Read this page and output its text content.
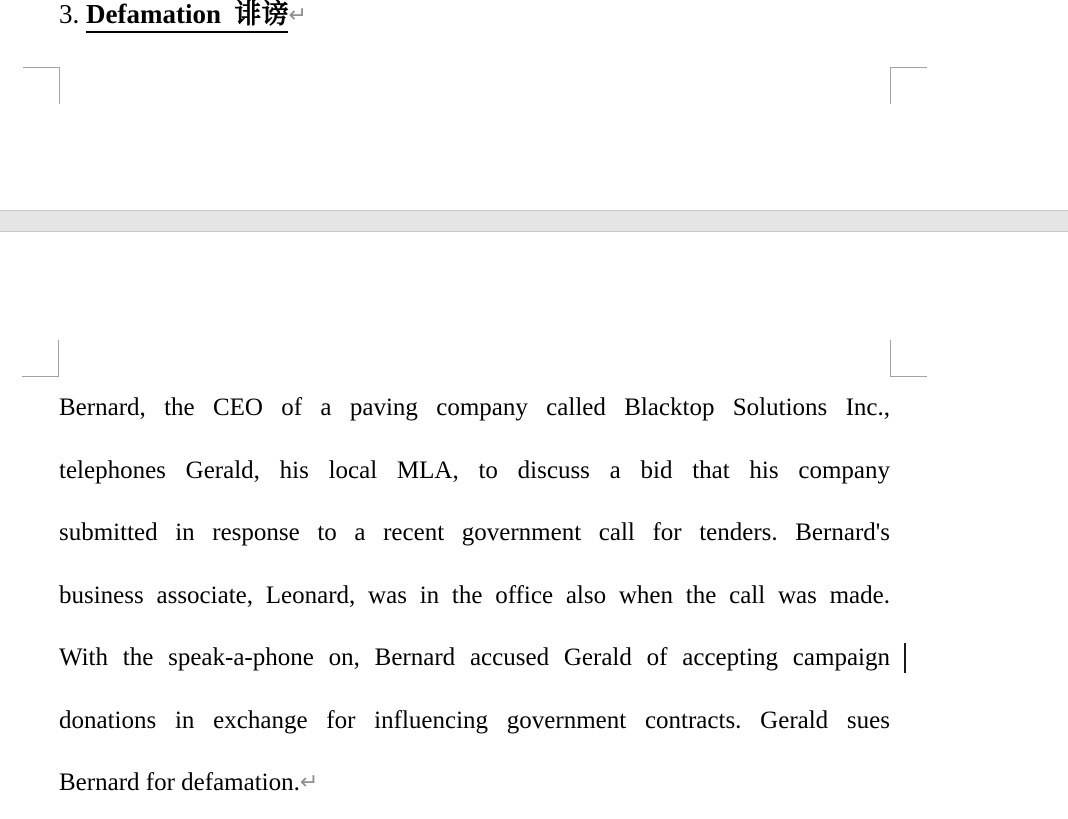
3. Defamation  诽谤↵
Bernard, the CEO of a paving company called Blacktop Solutions Inc.,
telephones Gerald, his local MLA, to discuss a bid that his company
submitted in response to a recent government call for tenders. Bernard's
business associate, Leonard, was in the office also when the call was made.
With the speak-a-phone on, Bernard accused Gerald of accepting campaign
donations in exchange for influencing government contracts. Gerald sues
Bernard for defamation.↵
